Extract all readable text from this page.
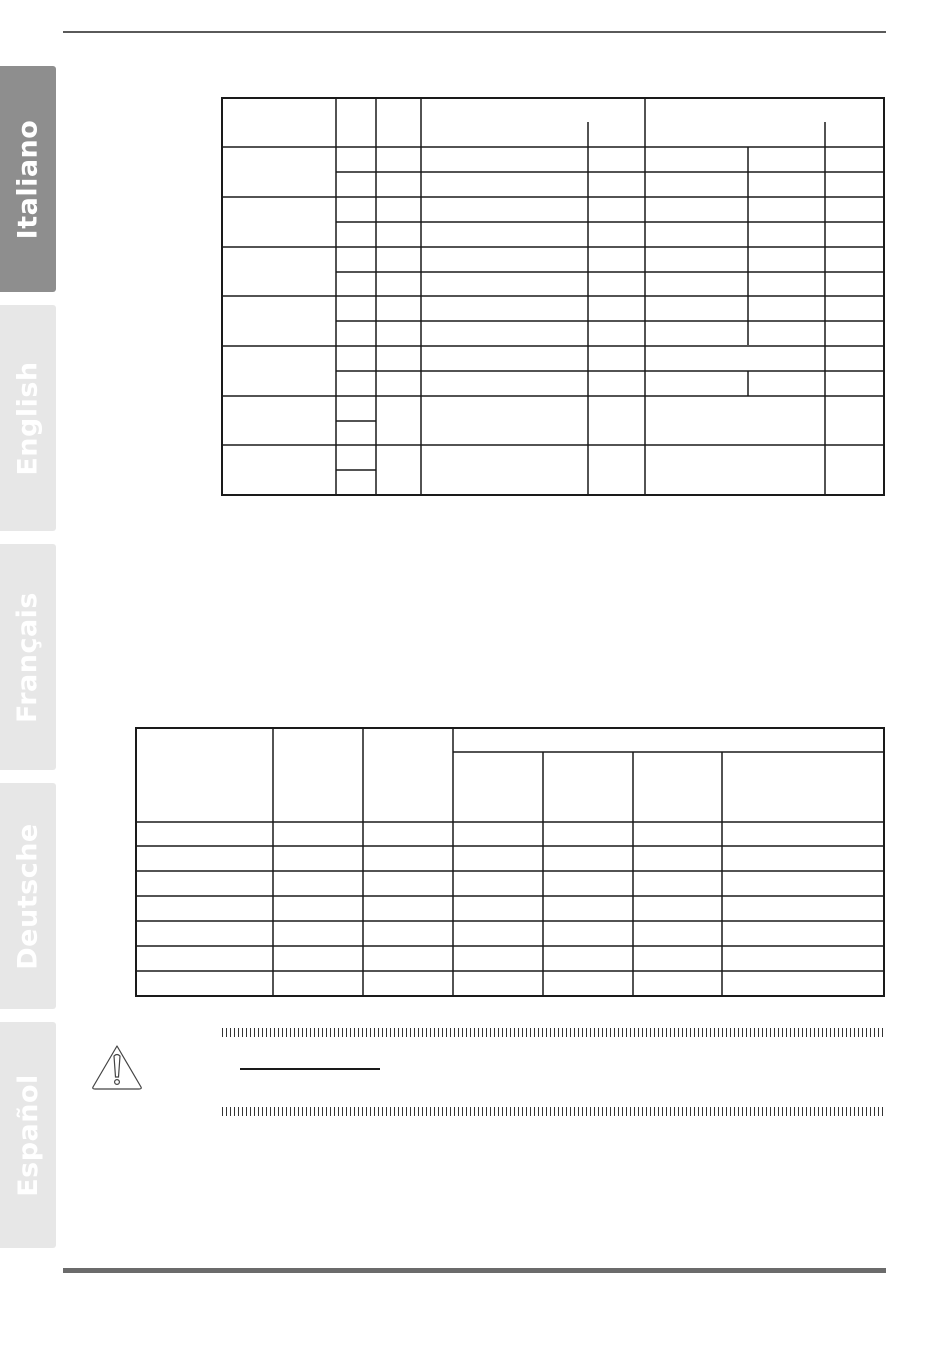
Italiano
English
Français
Deutsche
Español
